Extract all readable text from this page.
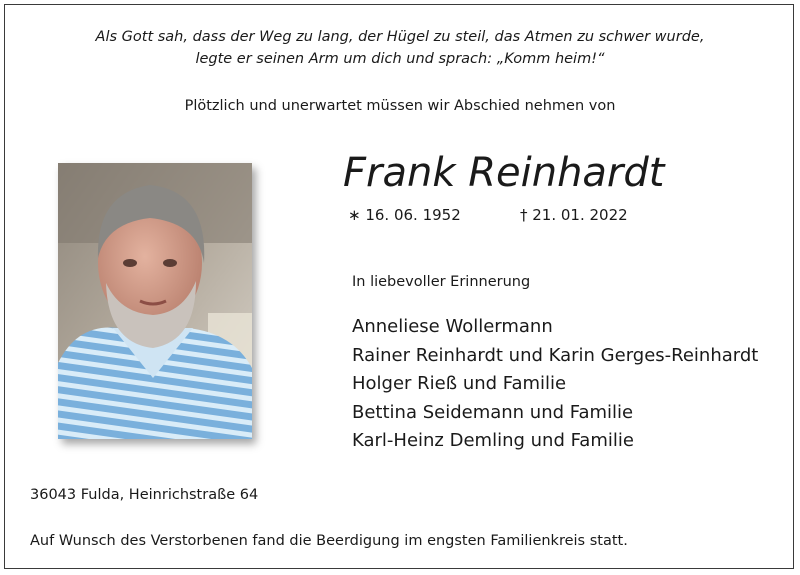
Als Gott sah, dass der Weg zu lang, der Hügel zu steil, das Atmen zu schwer wurde,
legte er seinen Arm um dich und sprach: „Komm heim!“
Plötzlich und unerwartet müssen wir Abschied nehmen von
Frank Reinhardt
∗ 16. 06. 1952	† 21. 01. 2022
In liebevoller Erinnerung
Anneliese Wollermann
Rainer Reinhardt und Karin Gerges-Reinhardt
Holger Rieß und Familie
Bettina Seidemann und Familie
Karl-Heinz Demling und Familie
36043 Fulda, Heinrichstraße 64
Auf Wunsch des Verstorbenen fand die Beerdigung im engsten Familienkreis statt.
